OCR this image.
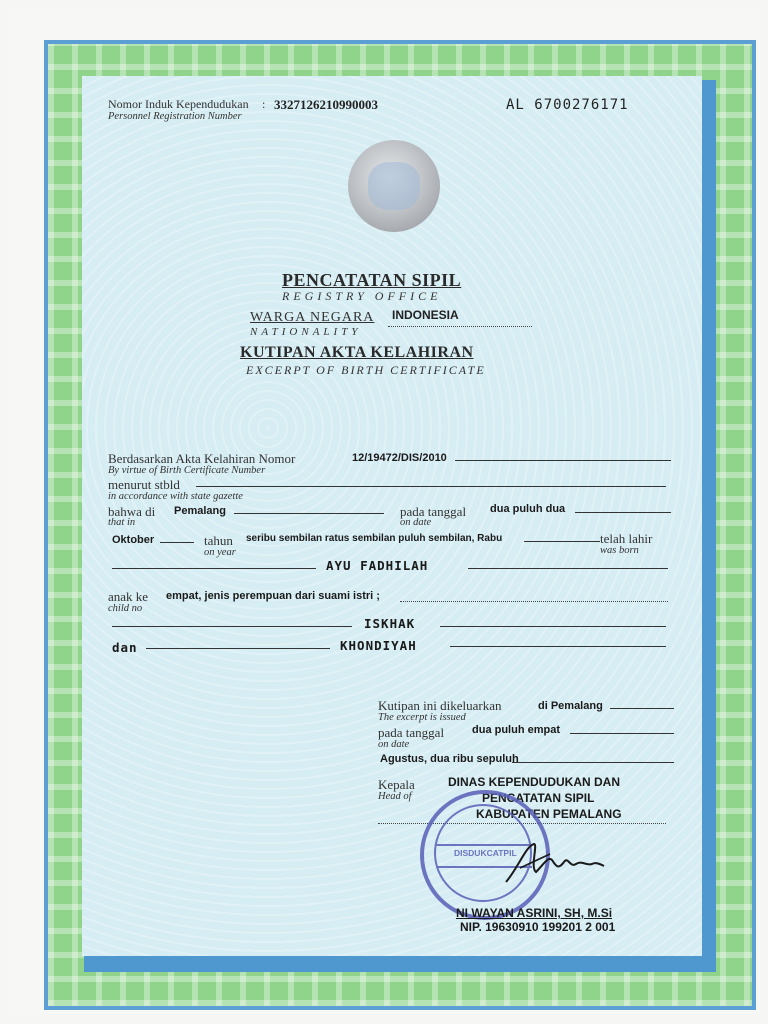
Nomor Induk Kependudukan :
Personnel Registration Number
3327126210990003	AL 6700276171
PENCATATAN SIPIL
REGISTRY OFFICE
WARGA NEGARA INDONESIA
NATIONALITY
KUTIPAN AKTA KELAHIRAN
EXCERPT OF BIRTH CERTIFICATE
Berdasarkan Akta Kelahiran Nomor	12/19472/DIS/2010
By virtue of Birth Certificate Number
menurut stbld
in accordance with state gazette
bahwa di Pemalang
that in
pada tanggal
on date
dua puluh dua
Oktober	tahun
on year
seribu sembilan ratus sembilan puluh sembilan, Rabu	telah lahir
was born
AYU FADHILAH
anak ke
child no
empat, jenis perempuan dari suami istri ;
ISKHAK
dan	KHONDIYAH
Kutipan ini dikeluarkan
The excerpt is issued
di Pemalang
pada tanggal
on date
dua puluh empat
Agustus, dua ribu sepuluh
Kepala
Head of
DINAS KEPENDUDUKAN DAN
PENCATATAN SIPIL
KABUPATEN PEMALANG
DISDUKCATPIL
NI WAYAN ASRINI, SH, M.Si
NIP. 19630910 199201 2 001
